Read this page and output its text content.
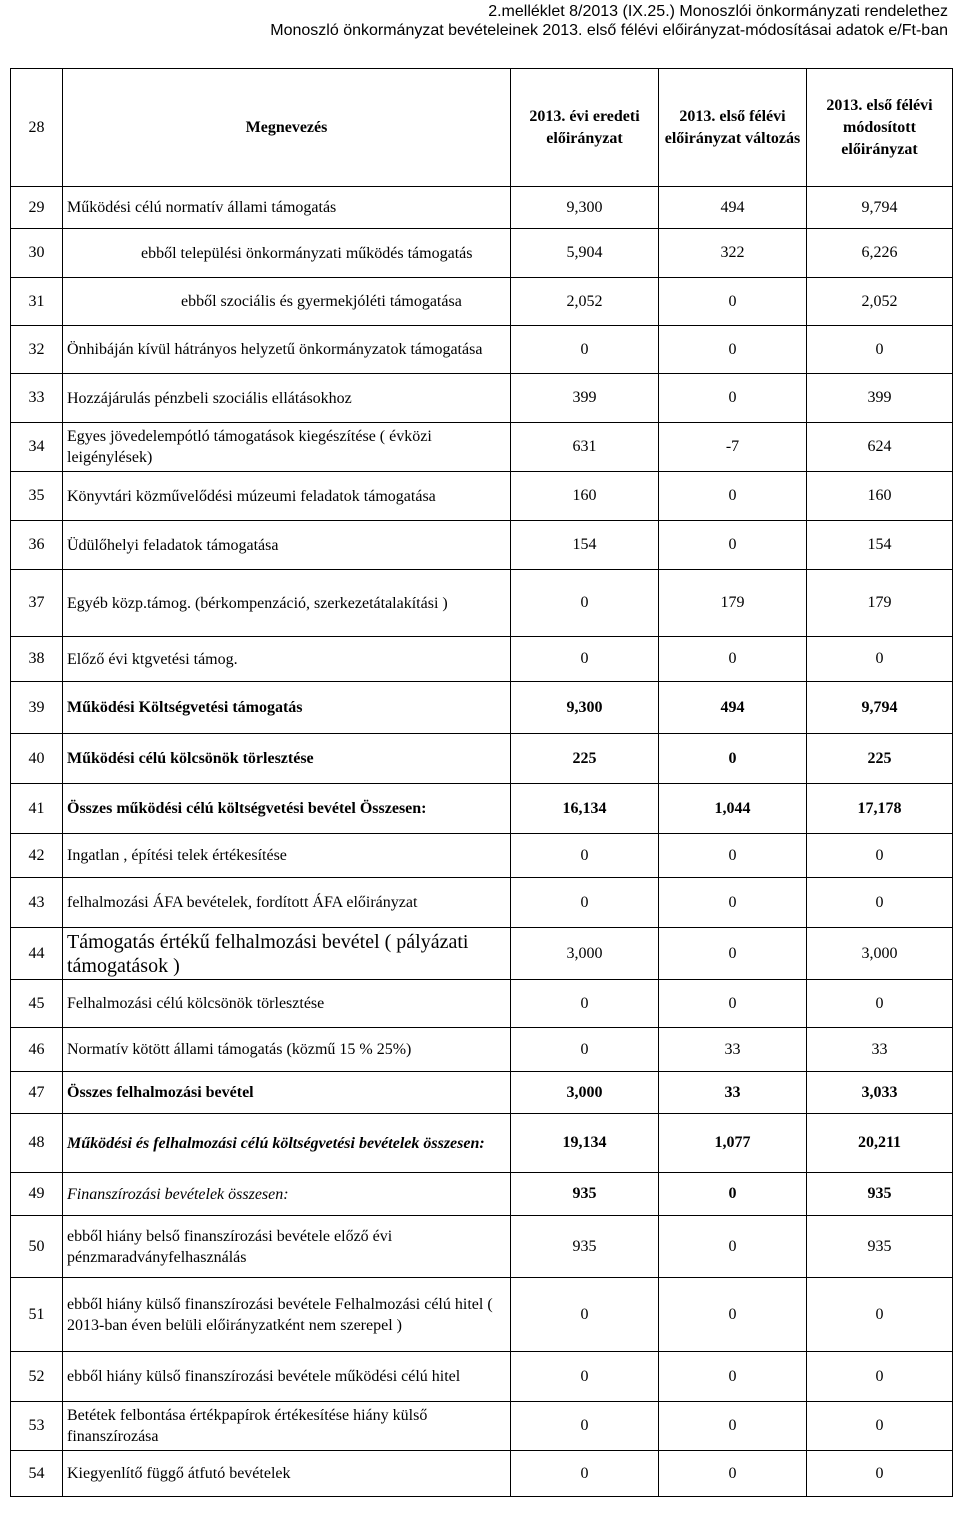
2.melléklet 8/2013 (IX.25.) Monoszlói önkormányzati rendelethez
Monoszló önkormányzat bevételeinek 2013. első félévi előirányzat-módosításai adatok e/Ft-ban
28	Megnevezés	2013. évi eredeti előirányzat	2013. első félévi előirányzat változás	2013. első félévi módosított előirányzat
29	Működési célú normatív állami támogatás	9,300	494	9,794
30	ebből települési önkormányzati működés támogatás	5,904	322	6,226
31	ebből szociális és gyermekjóléti támogatása	2,052	0	2,052
32	Önhibáján kívül hátrányos helyzetű önkormányzatok támogatása	0	0	0
33	Hozzájárulás pénzbeli szociális ellátásokhoz	399	0	399
34	Egyes jövedelempótló támogatások kiegészítése ( évközi leigénylések)	631	-7	624
35	Könyvtári közművelődési múzeumi feladatok támogatása	160	0	160
36	Üdülőhelyi feladatok támogatása	154	0	154
37	Egyéb közp.támog. (bérkompenzáció, szerkezetátalakítási )	0	179	179
38	Előző évi ktgvetési támog.	0	0	0
39	Működési Költségvetési támogatás	9,300	494	9,794
40	Működési célú kölcsönök törlesztése	225	0	225
41	Összes működési célú költségvetési bevétel Összesen:	16,134	1,044	17,178
42	Ingatlan , építési telek értékesítése	0	0	0
43	felhalmozási ÁFA bevételek, fordított ÁFA előirányzat	0	0	0
44	Támogatás értékű felhalmozási bevétel ( pályázati támogatások )	3,000	0	3,000
45	Felhalmozási célú kölcsönök törlesztése	0	0	0
46	Normatív kötött állami támogatás (közmű 15 % 25%)	0	33	33
47	Összes felhalmozási bevétel	3,000	33	3,033
48	Működési és felhalmozási célú költségvetési bevételek összesen:	19,134	1,077	20,211
49	Finanszírozási bevételek összesen:	935	0	935
50	ebből hiány belső finanszírozási bevétele előző évi pénzmaradványfelhasználás	935	0	935
51	ebből hiány külső finanszírozási bevétele Felhalmozási célú hitel ( 2013-ban éven belüli előirányzatként nem szerepel )	0	0	0
52	ebből hiány külső finanszírozási bevétele működési célú hitel	0	0	0
53	Betétek felbontása értékpapírok értékesítése hiány külső finanszírozása	0	0	0
54	Kiegyenlítő függő átfutó bevételek	0	0	0
